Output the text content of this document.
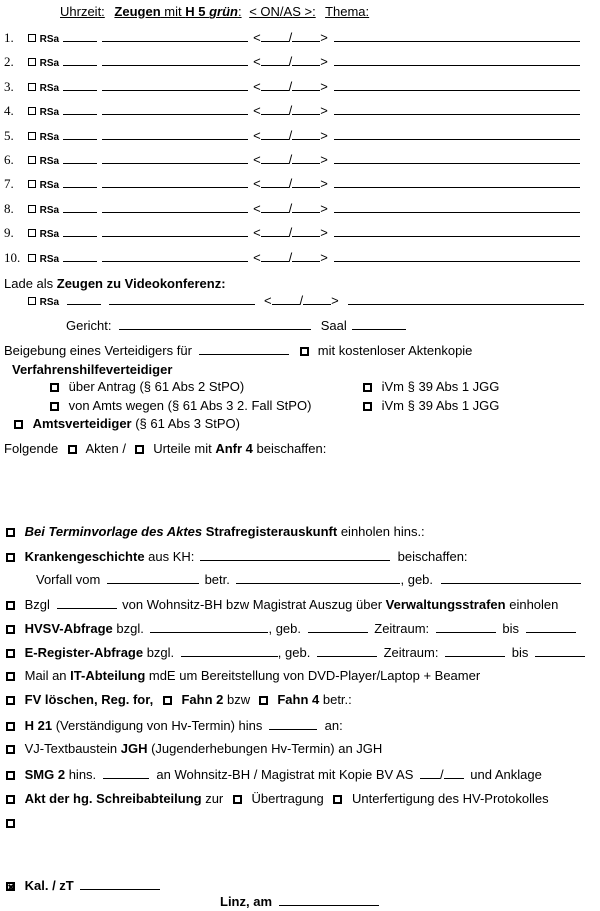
Uhrzeit: Zeugen mit H 5 grün: < ON/AS >: Thema:
1.	RSa	< / >
2.	RSa	< / >
3.	RSa	< / >
4.	RSa	< / >
5.	RSa	< / >
6.	RSa	< / >
7.	RSa	< / >
8.	RSa	< / >
9.	RSa	< / >
10. RSa	< / >
Lade als Zeugen zu Videokonferenz:
RSa	< / >
Gericht:	Saal
Beigebung eines Verteidigers für	mit kostenloser Aktenkopie
Verfahrenshilfeverteidiger
über Antrag (§ 61 Abs 2 StPO)	iVm § 39 Abs 1 JGG
von Amts wegen (§ 61 Abs 3 2. Fall StPO)	iVm § 39 Abs 1 JGG
Amtsverteidiger (§ 61 Abs 3 StPO)
Folgende Akten / Urteile mit Anfr 4 beischaffen:
Bei Terminvorlage des Aktes Strafregisterauskunft einholen hins.:
Krankengeschichte aus KH:	beischaffen:
Vorfall vom	betr.	, geb.
Bzgl	von Wohnsitz-BH bzw Magistrat Auszug über Verwaltungsstrafen einholen
HVSV-Abfrage bzgl.	, geb.	Zeitraum:	bis
E-Register-Abfrage bzgl.	, geb.	Zeitraum:	bis
Mail an IT-Abteilung mdE um Bereitstellung von DVD-Player/Laptop + Beamer
FV löschen, Reg. for, Fahn 2 bzw Fahn 4 betr.:
H 21 (Verständigung von Hv-Termin) hins	an:
VJ-Textbaustein JGH (Jugenderhebungen Hv-Termin) an JGH
SMG 2 hins.	an Wohnsitz-BH / Magistrat mit Kopie BV AS / und Anklage
Akt der hg. Schreibabteilung zur Übertragung Unterfertigung des HV-Protokolles
Kal. / zT
Linz, am
